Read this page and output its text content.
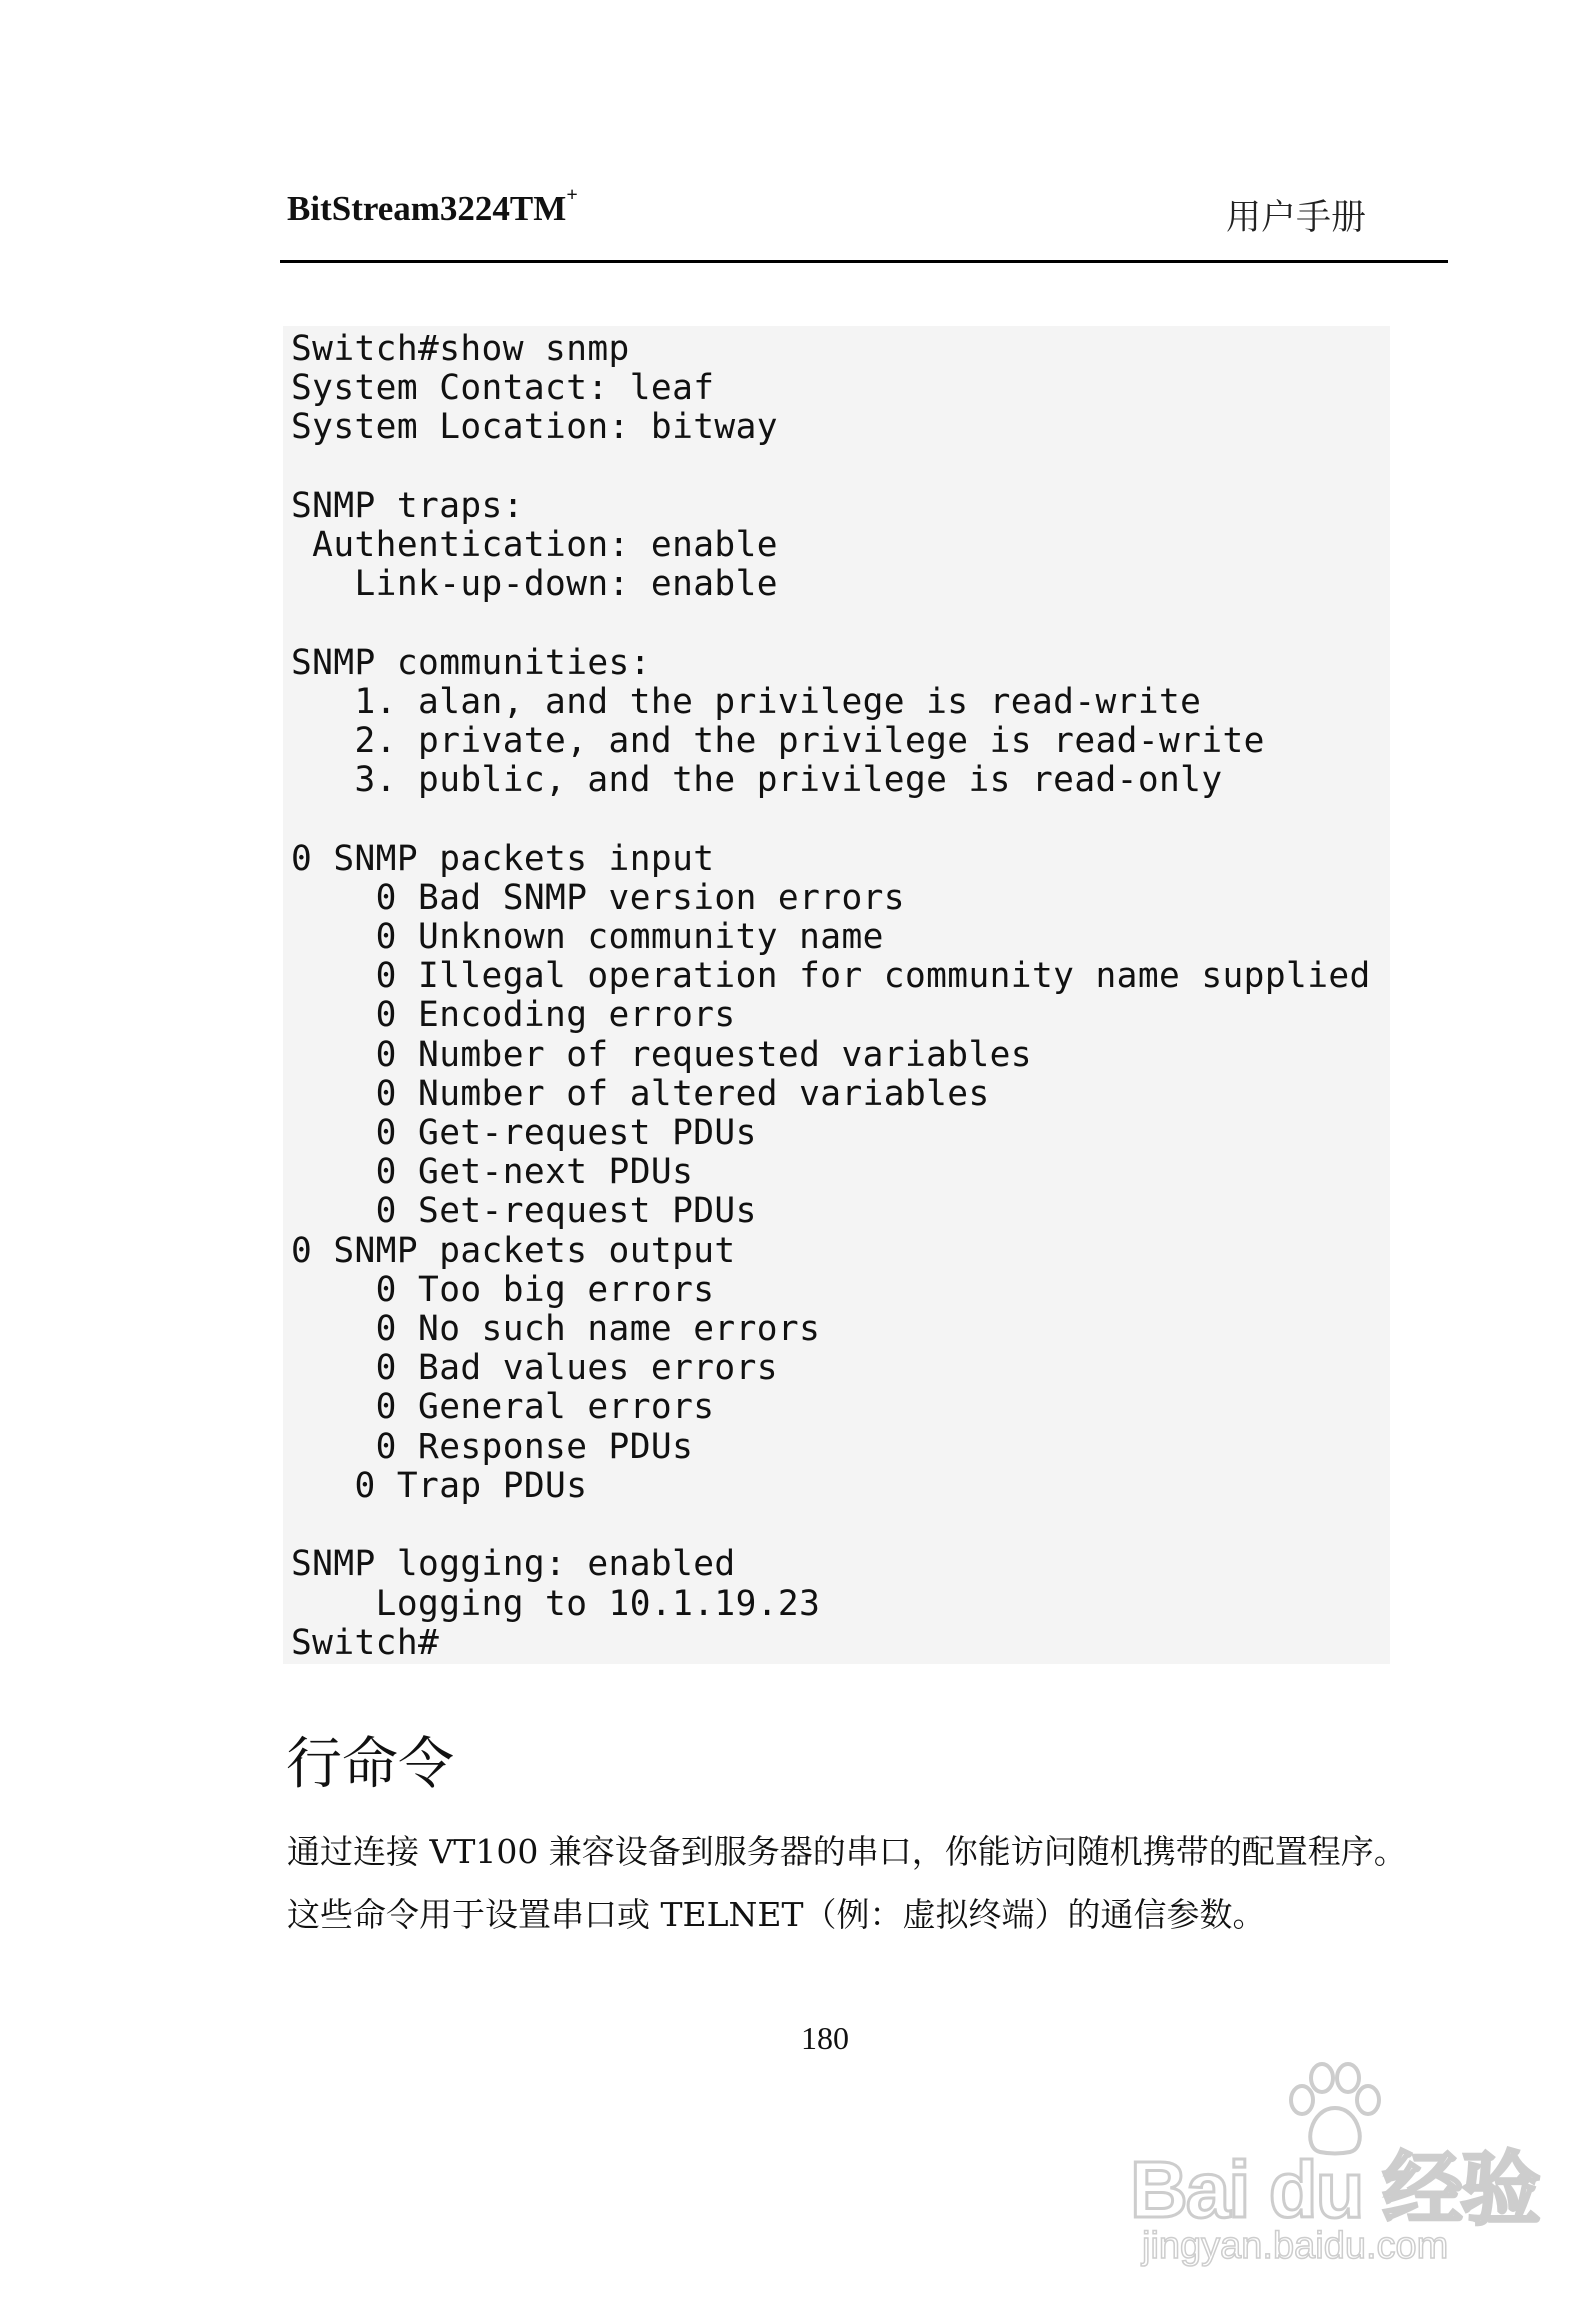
BitStream3224TM+
用户手册
Switch#show snmp
System Contact: leaf
System Location: bitway

SNMP traps:
Authentication: enable
Link-up-down: enable

SNMP communities:
1. alan, and the privilege is read-write
2. private, and the privilege is read-write
3. public, and the privilege is read-only

0 SNMP packets input
0 Bad SNMP version errors
0 Unknown community name
0 Illegal operation for community name supplied
0 Encoding errors
0 Number of requested variables
0 Number of altered variables
0 Get-request PDUs
0 Get-next PDUs
0 Set-request PDUs
0 SNMP packets output
0 Too big errors
0 No such name errors
0 Bad values errors
0 General errors
0 Response PDUs
0 Trap PDUs

SNMP logging: enabled
Logging to 10.1.19.23
Switch#
行命令
通过连接 VT100 兼容设备到服务器的串口，你能访问随机携带的配置程序。这些命令用于设置串口或 TELNET（例：虚拟终端）的通信参数。
180
Bai du 经验
jingyan.baidu.com
